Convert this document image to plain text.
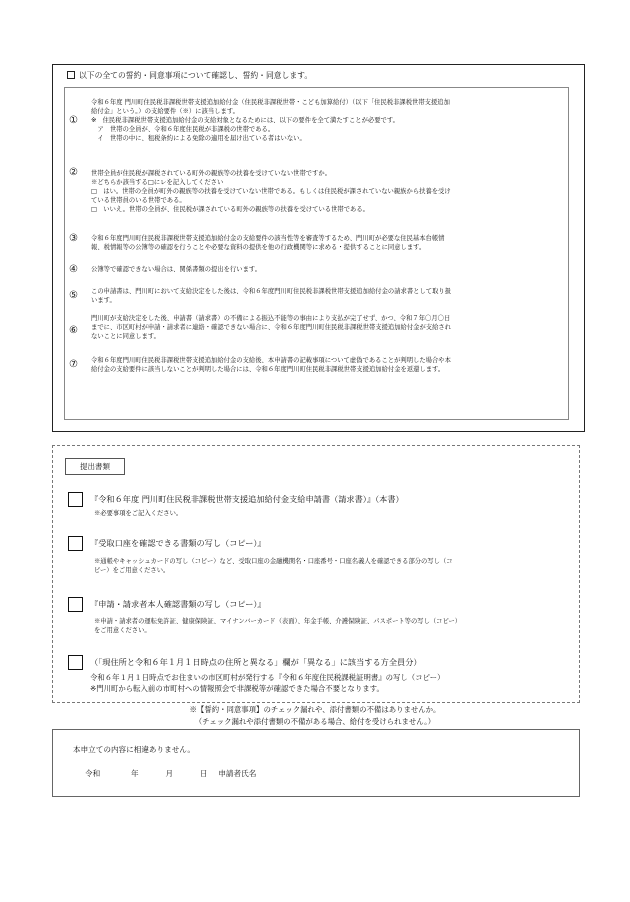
以下の全ての誓約・同意事項について確認し、誓約・同意します。
①
令和６年度 門川町住民税非課税世帯支援追加給付金（住民税非課税世帯・こども加算給付）（以下「住民税非課税世帯支援追加
給付金」という。）の支給要件（※）に該当します。
※　住民税非課税世帯支援追加給付金の支給対象となるためには、以下の要件を全て満たすことが必要です。
　ア　世帯の全員が、令和６年度住民税が非課税の世帯である。
　イ　世帯の中に、租税条約による免除の適用を届け出ている者はいない。
② 世帯全員が住民税が課税されている町外の親族等の扶養を受けていない世帯ですか。
※どちらか該当する□にレを記入してください
□　はい。世帯の全員が町外の親族等の扶養を受けていない世帯である。もしくは住民税が課されていない親族から扶養を受け
ている世帯員のいる世帯である。
□　いいえ。世帯の全員が、住民税が課されている町外の親族等の扶養を受けている世帯である。
③ 令和６年度門川町住民税非課税世帯支援追加給付金の支給要件の該当性等を審査等するため、門川町が必要な住民基本台帳情
報、税情報等の公簿等の確認を行うことや必要な資料の提供を他の行政機関等に求める・提供することに同意します。
④ 公簿等で確認できない場合は、関係書類の提出を行います。
⑤ この申請書は、門川町において支給決定をした後は、令和６年度門川町住民税非課税世帯支援追加給付金の請求書として取り扱
います。
⑥
門川町が支給決定をした後、申請書（請求書）の不備による振込不能等の事由により支払が完了せず、かつ、令和７年〇月〇日
までに、市区町村が申請・請求者に連絡・確認できない場合に、令和６年度門川町住民税非課税世帯支援追加給付金が支給され
ないことに同意します。
⑦ 令和６年度門川町住民税非課税世帯支援追加給付金の支給後、本申請書の記載事項について虚偽であることが判明した場合や本
給付金の支給要件に該当しないことが判明した場合には、令和６年度門川町住民税非課税世帯支援追加給付金を返還します。
提出書類
『令和６年度 門川町住民税非課税世帯支援追加給付金支給申請書（請求書）』（本書）
※必要事項をご記入ください。
『受取口座を確認できる書類の写し（コピー）』
※通帳やキャッシュカードの写し（コピー）など、受取口座の金融機関名・口座番号・口座名義人を確認できる部分の写し（コ
ピー）をご用意ください。
『申請・請求者本人確認書類の写し（コピー）』
※申請・請求者の運転免許証、健康保険証、マイナンバーカード（表面）、年金手帳、介護保険証、パスポート等の写し（コピー）
をご用意ください。
（「現住所と令和６年１月１日時点の住所と異なる」欄が「異なる」に該当する方全員分）
令和６年１月１日時点でお住まいの市区町村が発行する『令和６年度住民税課税証明書』の写し（コピー）
※門川町から転入前の市町村への情報照会で非課税等が確認できた場合不要となります。
※【誓約・同意事項】のチェック漏れや、添付書類の不備はありませんか。
（チェック漏れや添付書類の不備がある場合、給付を受けられません。）
本申立ての内容に相違ありません。
令和	年	月	日 申請者氏名
